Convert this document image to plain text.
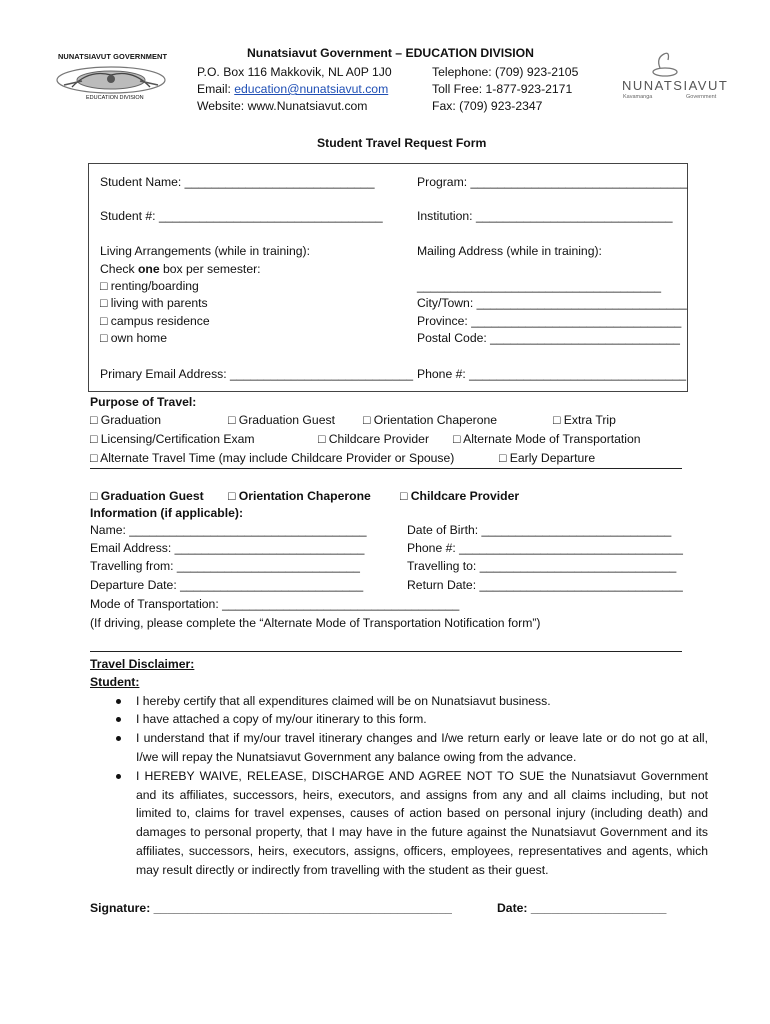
NUNATSIAVUT GOVERNMENT
EDUCATION DIVISION
Nunatsiavut Government – EDUCATION DIVISION
P.O. Box 116 Makkovik, NL A0P 1J0
Email: education@nunatsiavut.com
Website: www.Nunatsiavut.com
Telephone: (709) 923-2105
Toll Free: 1-877-923-2171
Fax: (709) 923-2347
NUNATSIAVUT
Kavamanga	Government
Student Travel Request Form
Student Name: ____________________________	Program: ________________________________
Student #: _________________________________	Institution: _____________________________
Living Arrangements (while in training):
Check one box per semester:
□ renting/boarding
□ living with parents
□ campus residence
□ own home
Mailing Address (while in training):
____________________________________
City/Town: _______________________________
Province: _______________________________
Postal Code: ____________________________
Primary Email Address: ___________________________ Phone #: ________________________________
Purpose of Travel:
□ Graduation	□ Graduation Guest □ Orientation Chaperone	□ Extra Trip
□ Licensing/Certification Exam	□ Childcare Provider □ Alternate Mode of Transportation
□ Alternate Travel Time (may include Childcare Provider or Spouse)	□ Early Departure
□ Graduation Guest □ Orientation Chaperone □ Childcare Provider
Information (if applicable):
Name: ___________________________________	Date of Birth: ____________________________
Email Address: ____________________________	Phone #: _________________________________
Travelling from: ___________________________	Travelling to: _____________________________
Departure Date: ___________________________	Return Date: ______________________________
Mode of Transportation: ___________________________________
(If driving, please complete the “Alternate Mode of Transportation Notification form”)
Travel Disclaimer:
Student:
I hereby certify that all expenditures claimed will be on Nunatsiavut business.
I have attached a copy of my/our itinerary to this form.
I understand that if my/our travel itinerary changes and I/we return early or leave late or do not go at all, I/we will repay the Nunatsiavut Government any balance owing from the advance.
I HEREBY WAIVE, RELEASE, DISCHARGE AND AGREE NOT TO SUE the Nunatsiavut Government and its affiliates, successors, heirs, executors, and assigns from any and all claims including, but not limited to, claims for travel expenses, causes of action based on personal injury (including death) and damages to personal property, that I may have in the future against the Nunatsiavut Government and its affiliates, successors, heirs, executors, assigns, officers, employees, representatives and agents, which may result directly or indirectly from travelling with the student as their guest.
Signature: ____________________________________________	Date: ____________________
